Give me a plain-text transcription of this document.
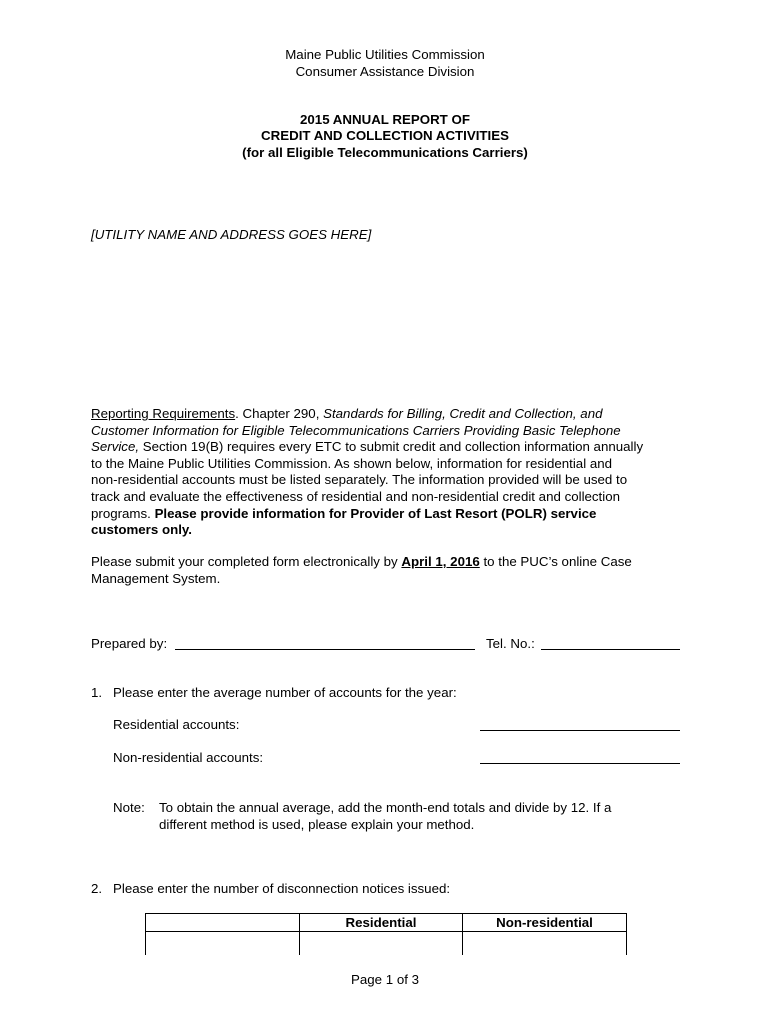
Maine Public Utilities Commission
Consumer Assistance Division
2015 ANNUAL REPORT OF
CREDIT AND COLLECTION ACTIVITIES
(for all Eligible Telecommunications Carriers)
[UTILITY NAME AND ADDRESS GOES HERE]
Reporting Requirements. Chapter 290, Standards for Billing, Credit and Collection, and
Customer Information for Eligible Telecommunications Carriers Providing Basic Telephone
Service, Section 19(B) requires every ETC to submit credit and collection information annually
to the Maine Public Utilities Commission. As shown below, information for residential and
non-residential accounts must be listed separately. The information provided will be used to
track and evaluate the effectiveness of residential and non-residential credit and collection
programs. Please provide information for Provider of Last Resort (POLR) service
customers only.
Please submit your completed form electronically by April 1, 2016 to the PUC’s online Case
Management System.
Prepared by:	Tel. No.:
1. Please enter the average number of accounts for the year:
Residential accounts:
Non-residential accounts:
Note: To obtain the annual average, add the month-end totals and divide by 12. If a
different method is used, please explain your method.
2. Please enter the number of disconnection notices issued:
	Residential	Non-residential

Page 1 of 3
